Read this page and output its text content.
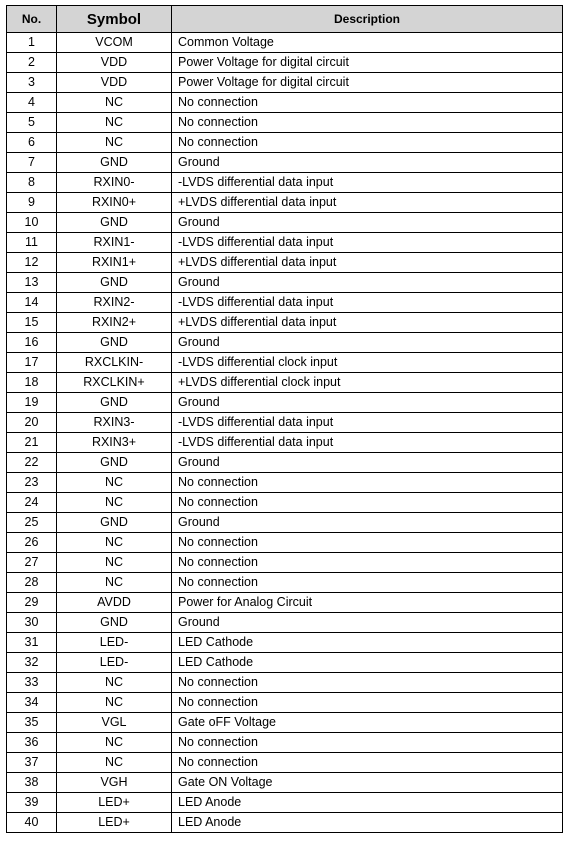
No.	Symbol	Description
1	VCOM	Common Voltage
2	VDD	Power Voltage for digital circuit
3	VDD	Power Voltage for digital circuit
4	NC	No connection
5	NC	No connection
6	NC	No connection
7	GND	Ground
8	RXIN0-	-LVDS differential data input
9	RXIN0+	+LVDS differential data input
10	GND	Ground
11	RXIN1-	-LVDS differential data input
12	RXIN1+	+LVDS differential data input
13	GND	Ground
14	RXIN2-	-LVDS differential data input
15	RXIN2+	+LVDS differential data input
16	GND	Ground
17	RXCLKIN-	-LVDS differential clock input
18	RXCLKIN+	+LVDS differential clock input
19	GND	Ground
20	RXIN3-	-LVDS differential data input
21	RXIN3+	-LVDS differential data input
22	GND	Ground
23	NC	No connection
24	NC	No connection
25	GND	Ground
26	NC	No connection
27	NC	No connection
28	NC	No connection
29	AVDD	Power for Analog Circuit
30	GND	Ground
31	LED-	LED Cathode
32	LED-	LED Cathode
33	NC	No connection
34	NC	No connection
35	VGL	Gate oFF Voltage
36	NC	No connection
37	NC	No connection
38	VGH	Gate ON Voltage
39	LED+	LED Anode
40	LED+	LED Anode
